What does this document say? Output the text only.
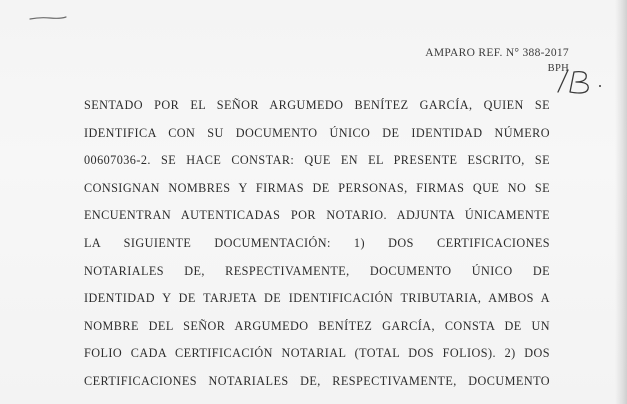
AMPARO REF. N° 388-2017
BPH
SENTADO POR EL SEÑOR ARGUMEDO BENÍTEZ GARCÍA, QUIEN SE
IDENTIFICA CON SU DOCUMENTO ÚNICO DE IDENTIDAD NÚMERO
00607036-2. SE HACE CONSTAR: QUE EN EL PRESENTE ESCRITO, SE
CONSIGNAN NOMBRES Y FIRMAS DE PERSONAS, FIRMAS QUE NO SE
ENCUENTRAN AUTENTICADAS POR NOTARIO. ADJUNTA ÚNICAMENTE
LA SIGUIENTE DOCUMENTACIÓN: 1) DOS CERTIFICACIONES
NOTARIALES DE, RESPECTIVAMENTE, DOCUMENTO ÚNICO DE
IDENTIDAD Y DE TARJETA DE IDENTIFICACIÓN TRIBUTARIA, AMBOS A
NOMBRE DEL SEÑOR ARGUMEDO BENÍTEZ GARCÍA, CONSTA DE UN
FOLIO CADA CERTIFICACIÓN NOTARIAL (TOTAL DOS FOLIOS). 2) DOS
CERTIFICACIONES NOTARIALES DE, RESPECTIVAMENTE, DOCUMENTO
